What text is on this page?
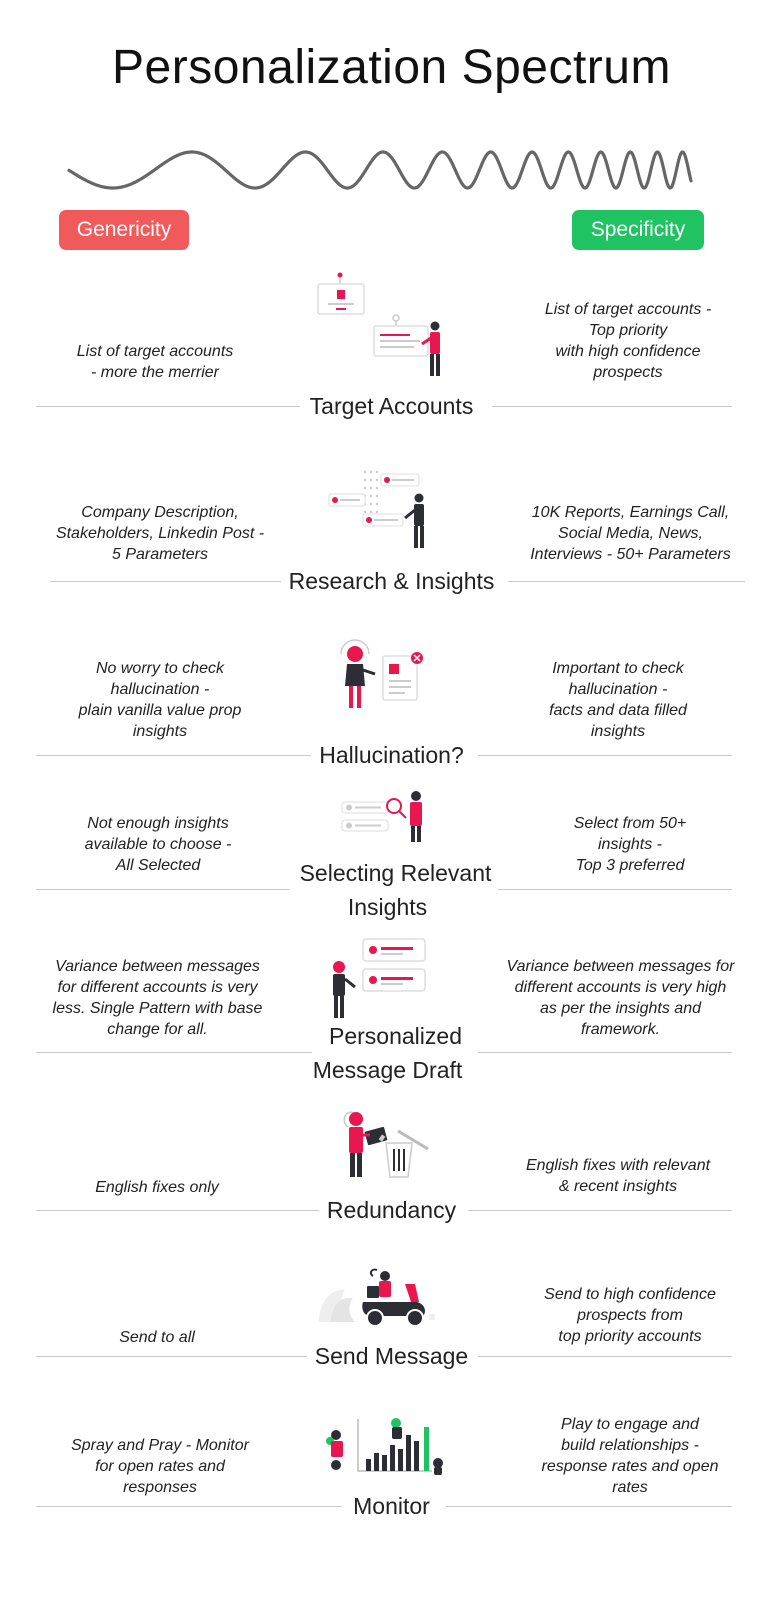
Personalization Spectrum
Genericity	Specificity
List of target accounts
- more the merrier
List of target accounts -
Top priority
with high confidence
prospects
Target Accounts
Company Description,
Stakeholders, Linkedin Post -
5 Parameters
10K Reports, Earnings Call,
Social Media, News,
Interviews - 50+ Parameters
Research & Insights
No worry to check
hallucination -
plain vanilla value prop
insights
Important to check
hallucination -
facts and data filled
insights
Hallucination?
Not enough insights
available to choose -
All Selected
Select from 50+
insights -
Top 3 preferred
Selecting Relevant
Insights
Variance between messages
for different accounts is very
less. Single Pattern with base
change for all.
Variance between messages for
different accounts is very high
as per the insights and
framework.
Personalized
Message Draft
English fixes only
English fixes with relevant
& recent insights
Redundancy
Send to all
Send to high confidence
prospects from
top priority accounts
Send Message
Spray and Pray - Monitor
for open rates and
responses
Play to engage and
build relationships -
response rates and open
rates
Monitor
